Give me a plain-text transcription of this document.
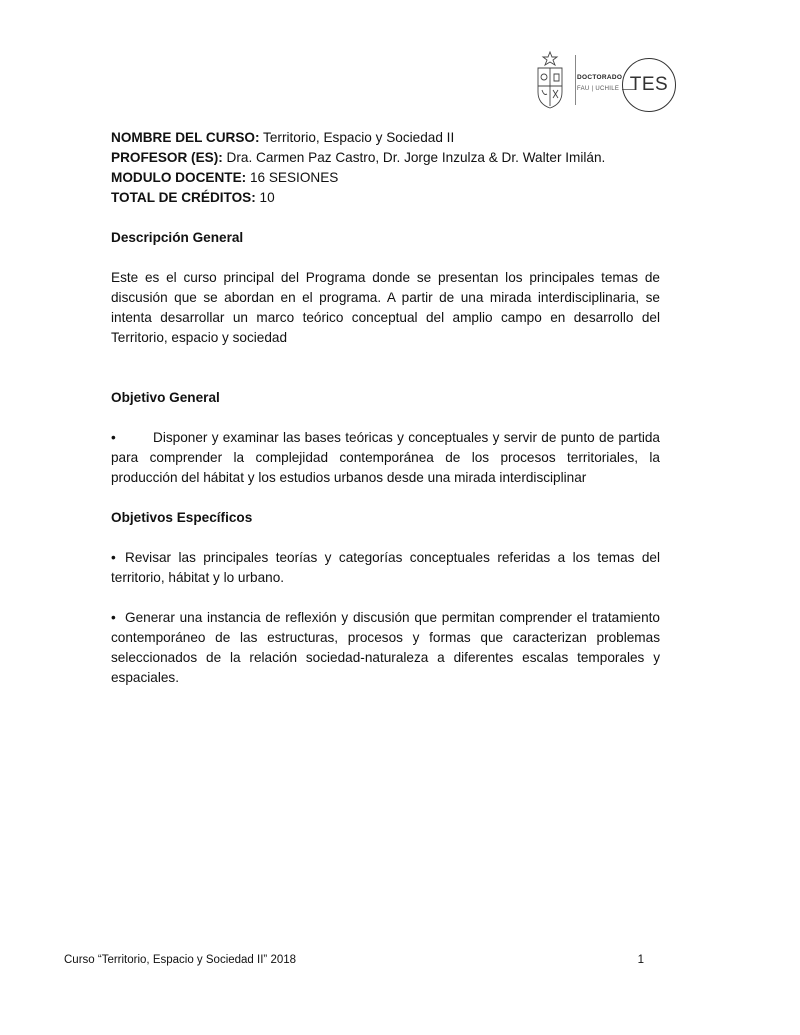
DOCTORADO
FAU | UCHILE TES
NOMBRE DEL CURSO: Territorio, Espacio y Sociedad II
PROFESOR (ES): Dra. Carmen Paz Castro, Dr. Jorge Inzulza & Dr. Walter Imilán.
MODULO DOCENTE: 16 SESIONES
TOTAL DE CRÉDITOS: 10
Descripción General

Este es el curso principal del Programa donde se presentan los principales temas de discusión que se abordan en el programa. A partir de una mirada interdisciplinaria, se intenta desarrollar un marco teórico conceptual del amplio campo en desarrollo del Territorio, espacio y sociedad

Objetivo General

•	Disponer y examinar las bases teóricas y conceptuales y servir de punto de partida para comprender la complejidad contemporánea de los procesos territoriales, la producción del hábitat y los estudios urbanos desde una mirada interdisciplinar

Objetivos Específicos

• Revisar las principales teorías y categorías conceptuales referidas a los temas del territorio, hábitat y lo urbano.

• Generar una instancia de reflexión y discusión que permitan comprender el tratamiento contemporáneo de las estructuras, procesos y formas que caracterizan problemas seleccionados de la relación sociedad-naturaleza a diferentes escalas temporales y espaciales.

Curso “Territorio, Espacio y Sociedad II” 2018	1
